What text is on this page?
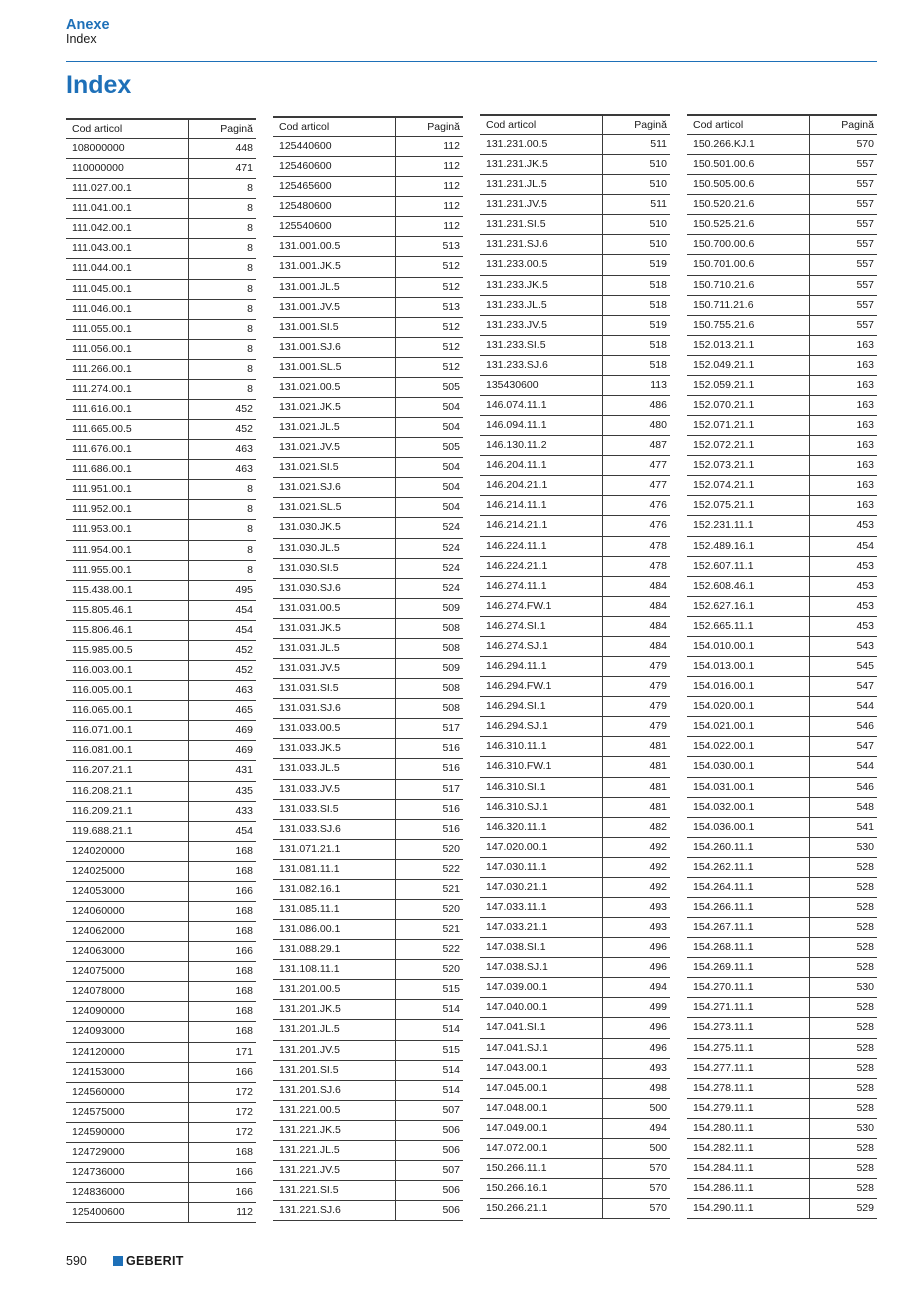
Anexe
Index
Index
Cod articol	Pagină
108000000	448
110000000	471
111.027.00.1	8
111.041.00.1	8
111.042.00.1	8
111.043.00.1	8
111.044.00.1	8
111.045.00.1	8
111.046.00.1	8
111.055.00.1	8
111.056.00.1	8
111.266.00.1	8
111.274.00.1	8
111.616.00.1	452
111.665.00.5	452
111.676.00.1	463
111.686.00.1	463
111.951.00.1	8
111.952.00.1	8
111.953.00.1	8
111.954.00.1	8
111.955.00.1	8
115.438.00.1	495
115.805.46.1	454
115.806.46.1	454
115.985.00.5	452
116.003.00.1	452
116.005.00.1	463
116.065.00.1	465
116.071.00.1	469
116.081.00.1	469
116.207.21.1	431
116.208.21.1	435
116.209.21.1	433
119.688.21.1	454
124020000	168
124025000	168
124053000	166
124060000	168
124062000	168
124063000	166
124075000	168
124078000	168
124090000	168
124093000	168
124120000	171
124153000	166
124560000	172
124575000	172
124590000	172
124729000	168
124736000	166
124836000	166
125400600	112
Cod articol	Pagină
125440600	112
125460600	112
125465600	112
125480600	112
125540600	112
131.001.00.5	513
131.001.JK.5	512
131.001.JL.5	512
131.001.JV.5	513
131.001.SI.5	512
131.001.SJ.6	512
131.001.SL.5	512
131.021.00.5	505
131.021.JK.5	504
131.021.JL.5	504
131.021.JV.5	505
131.021.SI.5	504
131.021.SJ.6	504
131.021.SL.5	504
131.030.JK.5	524
131.030.JL.5	524
131.030.SI.5	524
131.030.SJ.6	524
131.031.00.5	509
131.031.JK.5	508
131.031.JL.5	508
131.031.JV.5	509
131.031.SI.5	508
131.031.SJ.6	508
131.033.00.5	517
131.033.JK.5	516
131.033.JL.5	516
131.033.JV.5	517
131.033.SI.5	516
131.033.SJ.6	516
131.071.21.1	520
131.081.11.1	522
131.082.16.1	521
131.085.11.1	520
131.086.00.1	521
131.088.29.1	522
131.108.11.1	520
131.201.00.5	515
131.201.JK.5	514
131.201.JL.5	514
131.201.JV.5	515
131.201.SI.5	514
131.201.SJ.6	514
131.221.00.5	507
131.221.JK.5	506
131.221.JL.5	506
131.221.JV.5	507
131.221.SI.5	506
131.221.SJ.6	506
Cod articol	Pagină
131.231.00.5	511
131.231.JK.5	510
131.231.JL.5	510
131.231.JV.5	511
131.231.SI.5	510
131.231.SJ.6	510
131.233.00.5	519
131.233.JK.5	518
131.233.JL.5	518
131.233.JV.5	519
131.233.SI.5	518
131.233.SJ.6	518
135430600	113
146.074.11.1	486
146.094.11.1	480
146.130.11.2	487
146.204.11.1	477
146.204.21.1	477
146.214.11.1	476
146.214.21.1	476
146.224.11.1	478
146.224.21.1	478
146.274.11.1	484
146.274.FW.1	484
146.274.SI.1	484
146.274.SJ.1	484
146.294.11.1	479
146.294.FW.1	479
146.294.SI.1	479
146.294.SJ.1	479
146.310.11.1	481
146.310.FW.1	481
146.310.SI.1	481
146.310.SJ.1	481
146.320.11.1	482
147.020.00.1	492
147.030.11.1	492
147.030.21.1	492
147.033.11.1	493
147.033.21.1	493
147.038.SI.1	496
147.038.SJ.1	496
147.039.00.1	494
147.040.00.1	499
147.041.SI.1	496
147.041.SJ.1	496
147.043.00.1	493
147.045.00.1	498
147.048.00.1	500
147.049.00.1	494
147.072.00.1	500
150.266.11.1	570
150.266.16.1	570
150.266.21.1	570
Cod articol	Pagină
150.266.KJ.1	570
150.501.00.6	557
150.505.00.6	557
150.520.21.6	557
150.525.21.6	557
150.700.00.6	557
150.701.00.6	557
150.710.21.6	557
150.711.21.6	557
150.755.21.6	557
152.013.21.1	163
152.049.21.1	163
152.059.21.1	163
152.070.21.1	163
152.071.21.1	163
152.072.21.1	163
152.073.21.1	163
152.074.21.1	163
152.075.21.1	163
152.231.11.1	453
152.489.16.1	454
152.607.11.1	453
152.608.46.1	453
152.627.16.1	453
152.665.11.1	453
154.010.00.1	543
154.013.00.1	545
154.016.00.1	547
154.020.00.1	544
154.021.00.1	546
154.022.00.1	547
154.030.00.1	544
154.031.00.1	546
154.032.00.1	548
154.036.00.1	541
154.260.11.1	530
154.262.11.1	528
154.264.11.1	528
154.266.11.1	528
154.267.11.1	528
154.268.11.1	528
154.269.11.1	528
154.270.11.1	530
154.271.11.1	528
154.273.11.1	528
154.275.11.1	528
154.277.11.1	528
154.278.11.1	528
154.279.11.1	528
154.280.11.1	530
154.282.11.1	528
154.284.11.1	528
154.286.11.1	528
154.290.11.1	529
590	GEBERIT
